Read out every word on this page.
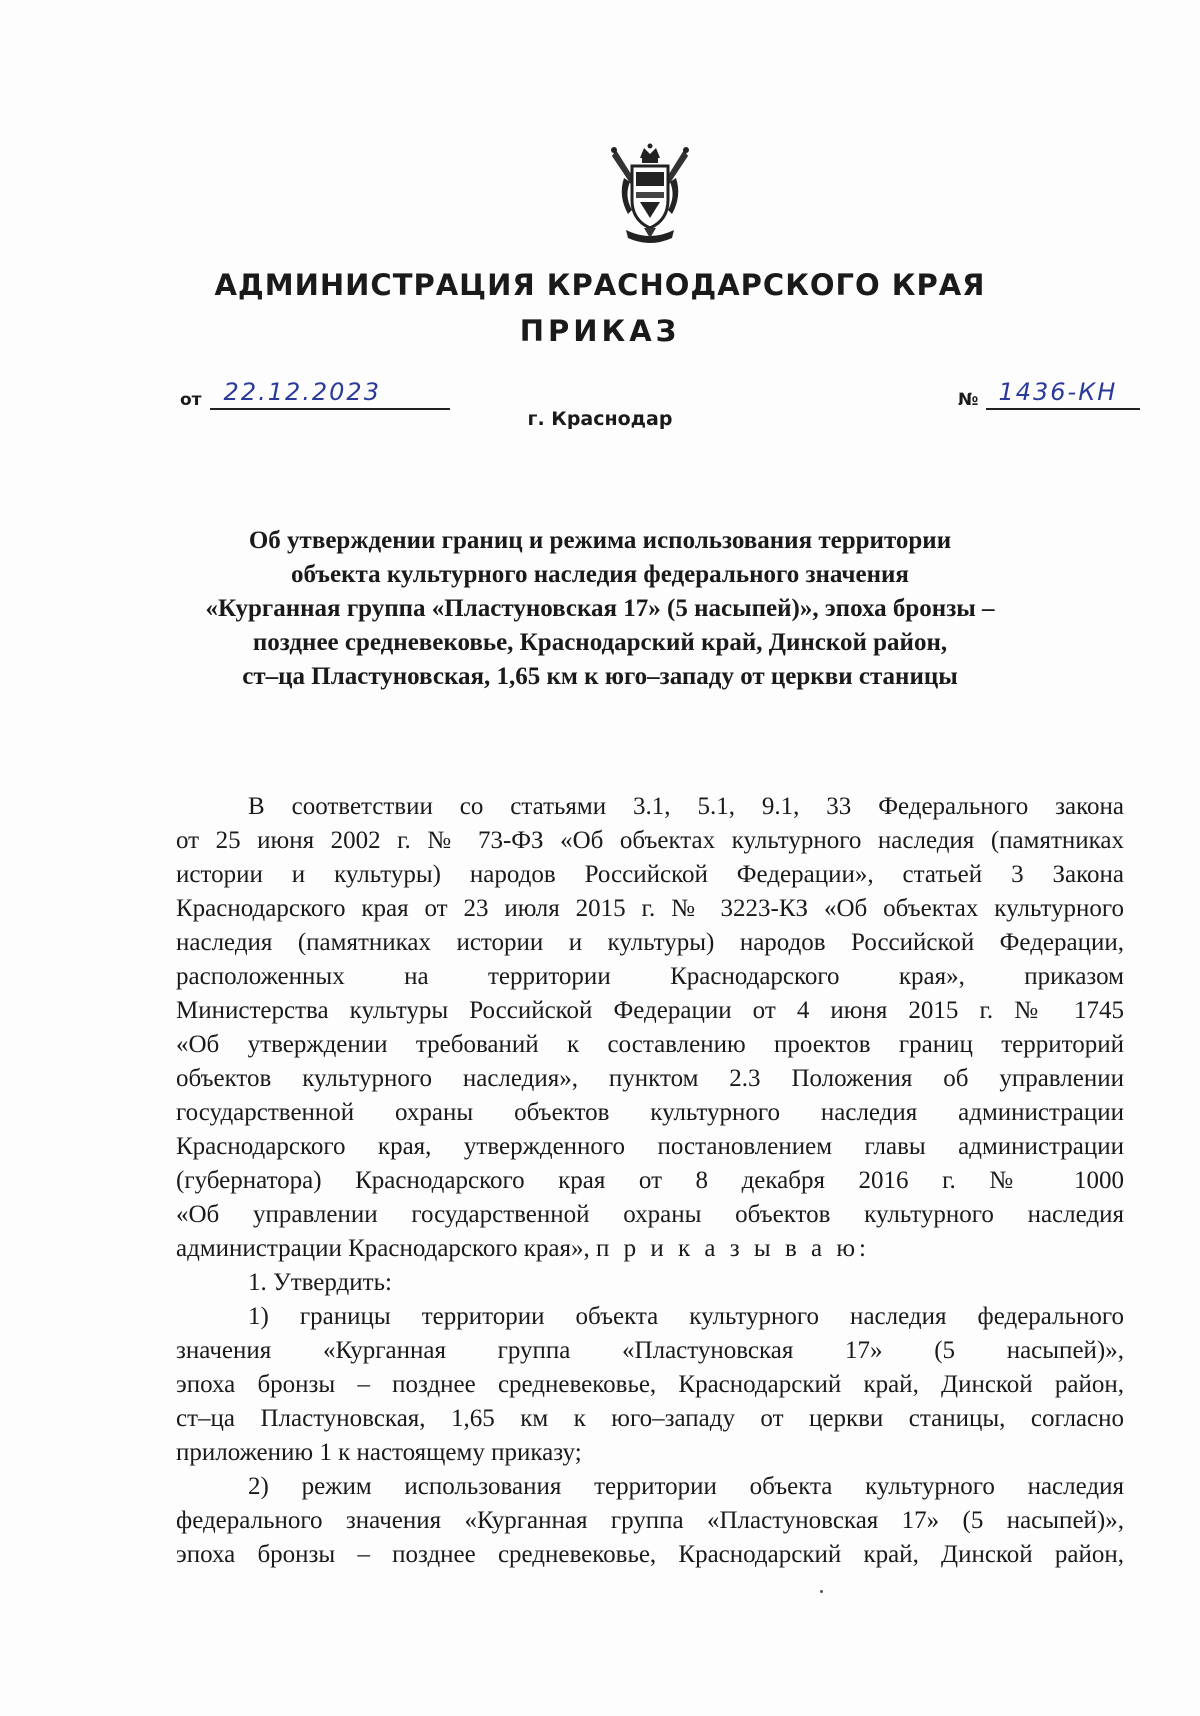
АДМИНИСТРАЦИЯ КРАСНОДАРСКОГО КРАЯ
ПРИКАЗ
от 22.12.2023	№ 1436-КН
г. Краснодар
Об утверждении границ и режима использования территории
объекта культурного наследия федерального значения
«Курганная группа «Пластуновская 17» (5 насыпей)», эпоха бронзы –
позднее средневековье, Краснодарский край, Динской район,
ст–ца Пластуновская, 1,65 км к юго–западу от церкви станицы
В соответствии со статьями 3.1, 5.1, 9.1, 33 Федерального закона
от 25 июня 2002 г. № 73-ФЗ «Об объектах культурного наследия (памятниках
истории и культуры) народов Российской Федерации», статьей 3 Закона
Краснодарского края от 23 июля 2015 г. № 3223-КЗ «Об объектах культурного
наследия (памятниках истории и культуры) народов Российской Федерации,
расположенных на территории Краснодарского края», приказом
Министерства культуры Российской Федерации от 4 июня 2015 г. № 1745
«Об утверждении требований к составлению проектов границ территорий
объектов культурного наследия», пунктом 2.3 Положения об управлении
государственной охраны объектов культурного наследия администрации
Краснодарского края, утвержденного постановлением главы администрации
(губернатора) Краснодарского края от 8 декабря 2016 г. № 1000
«Об управлении государственной охраны объектов культурного наследия
администрации Краснодарского края», п р и к а з ы в а ю:
1. Утвердить:
1) границы территории объекта культурного наследия федерального
значения «Курганная группа «Пластуновская 17» (5 насыпей)»,
эпоха бронзы – позднее средневековье, Краснодарский край, Динской район,
ст–ца Пластуновская, 1,65 км к юго–западу от церкви станицы, согласно
приложению 1 к настоящему приказу;
2) режим использования территории объекта культурного наследия
федерального значения «Курганная группа «Пластуновская 17» (5 насыпей)»,
эпоха бронзы – позднее средневековье, Краснодарский край, Динской район,
